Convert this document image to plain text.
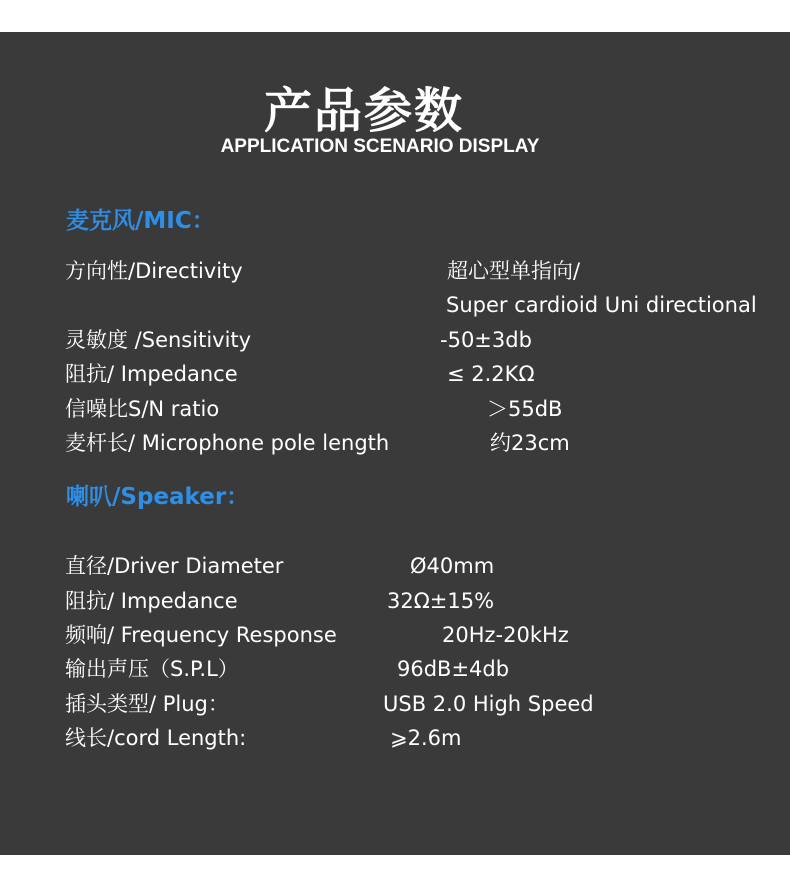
产品参数
APPLICATION SCENARIO DISPLAY
麦克风/MIC：
方向性/Directivity	超心型单指向/
Super cardioid Uni directional
灵敏度 /Sensitivity	-50±3db
阻抗/ Impedance	≤ 2.2KΩ
信噪比S/N ratio	＞55dB
麦杆长/ Microphone pole length	约23cm
喇叭/Speaker：
直径/Driver Diameter	Ø40mm
阻抗/ Impedance	32Ω±15%
频响/ Frequency Response	20Hz-20kHz
输出声压（S.P.L）	96dB±4db
插头类型/ Plug：	USB 2.0 High Speed
线长/cord Length:	⩾2.6m
